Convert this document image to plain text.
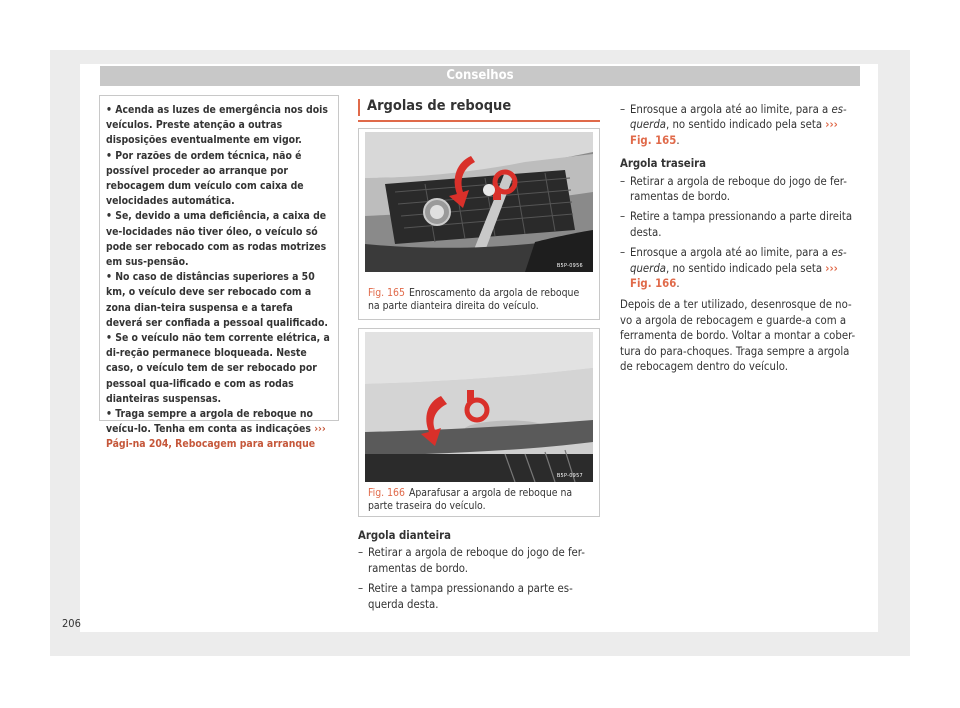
Conselhos
• Acenda as luzes de emergência nos dois veículos. Preste atenção a outras disposições eventualmente em vigor.
• Por razões de ordem técnica, não é possível proceder ao arranque por rebocagem dum veículo com caixa de velocidades automática.
• Se, devido a uma deficiência, a caixa de ve-locidades não tiver óleo, o veículo só pode ser rebocado com as rodas motrizes em sus-pensão.
• No caso de distâncias superiores a 50 km, o veículo deve ser rebocado com a zona dian-teira suspensa e a tarefa deverá ser confiada a pessoal qualificado.
• Se o veículo não tem corrente elétrica, a di-reção permanece bloqueada. Neste caso, o veículo tem de ser rebocado por pessoal qua-lificado e com as rodas dianteiras suspensas.
• Traga sempre a argola de reboque no veícu-lo. Tenha em conta as indicações ››› Pági-na 204, Rebocagem para arranque
Argolas de reboque
B5P-0956
Fig. 165 Enroscamento da argola de reboque na parte dianteira direita do veículo.
B5P-0957
Fig. 166 Aparafusar a argola de reboque na parte traseira do veículo.

Argola dianteira

– Retirar a argola de reboque do jogo de fer-ramentas de bordo.
– Retire a tampa pressionando a parte es-querda desta.
– Enrosque a argola até ao limite, para a es-querda, no sentido indicado pela seta ››› Fig. 165.

Argola traseira

– Retirar a argola de reboque do jogo de fer-ramentas de bordo.
– Retire a tampa pressionando a parte direita desta.
– Enrosque a argola até ao limite, para a es-querda, no sentido indicado pela seta ››› Fig. 166.

Depois de a ter utilizado, desenrosque de no-vo a argola de rebocagem e guarde-a com a ferramenta de bordo. Voltar a montar a cober-tura do para-choques. Traga sempre a argola de rebocagem dentro do veículo.

206
